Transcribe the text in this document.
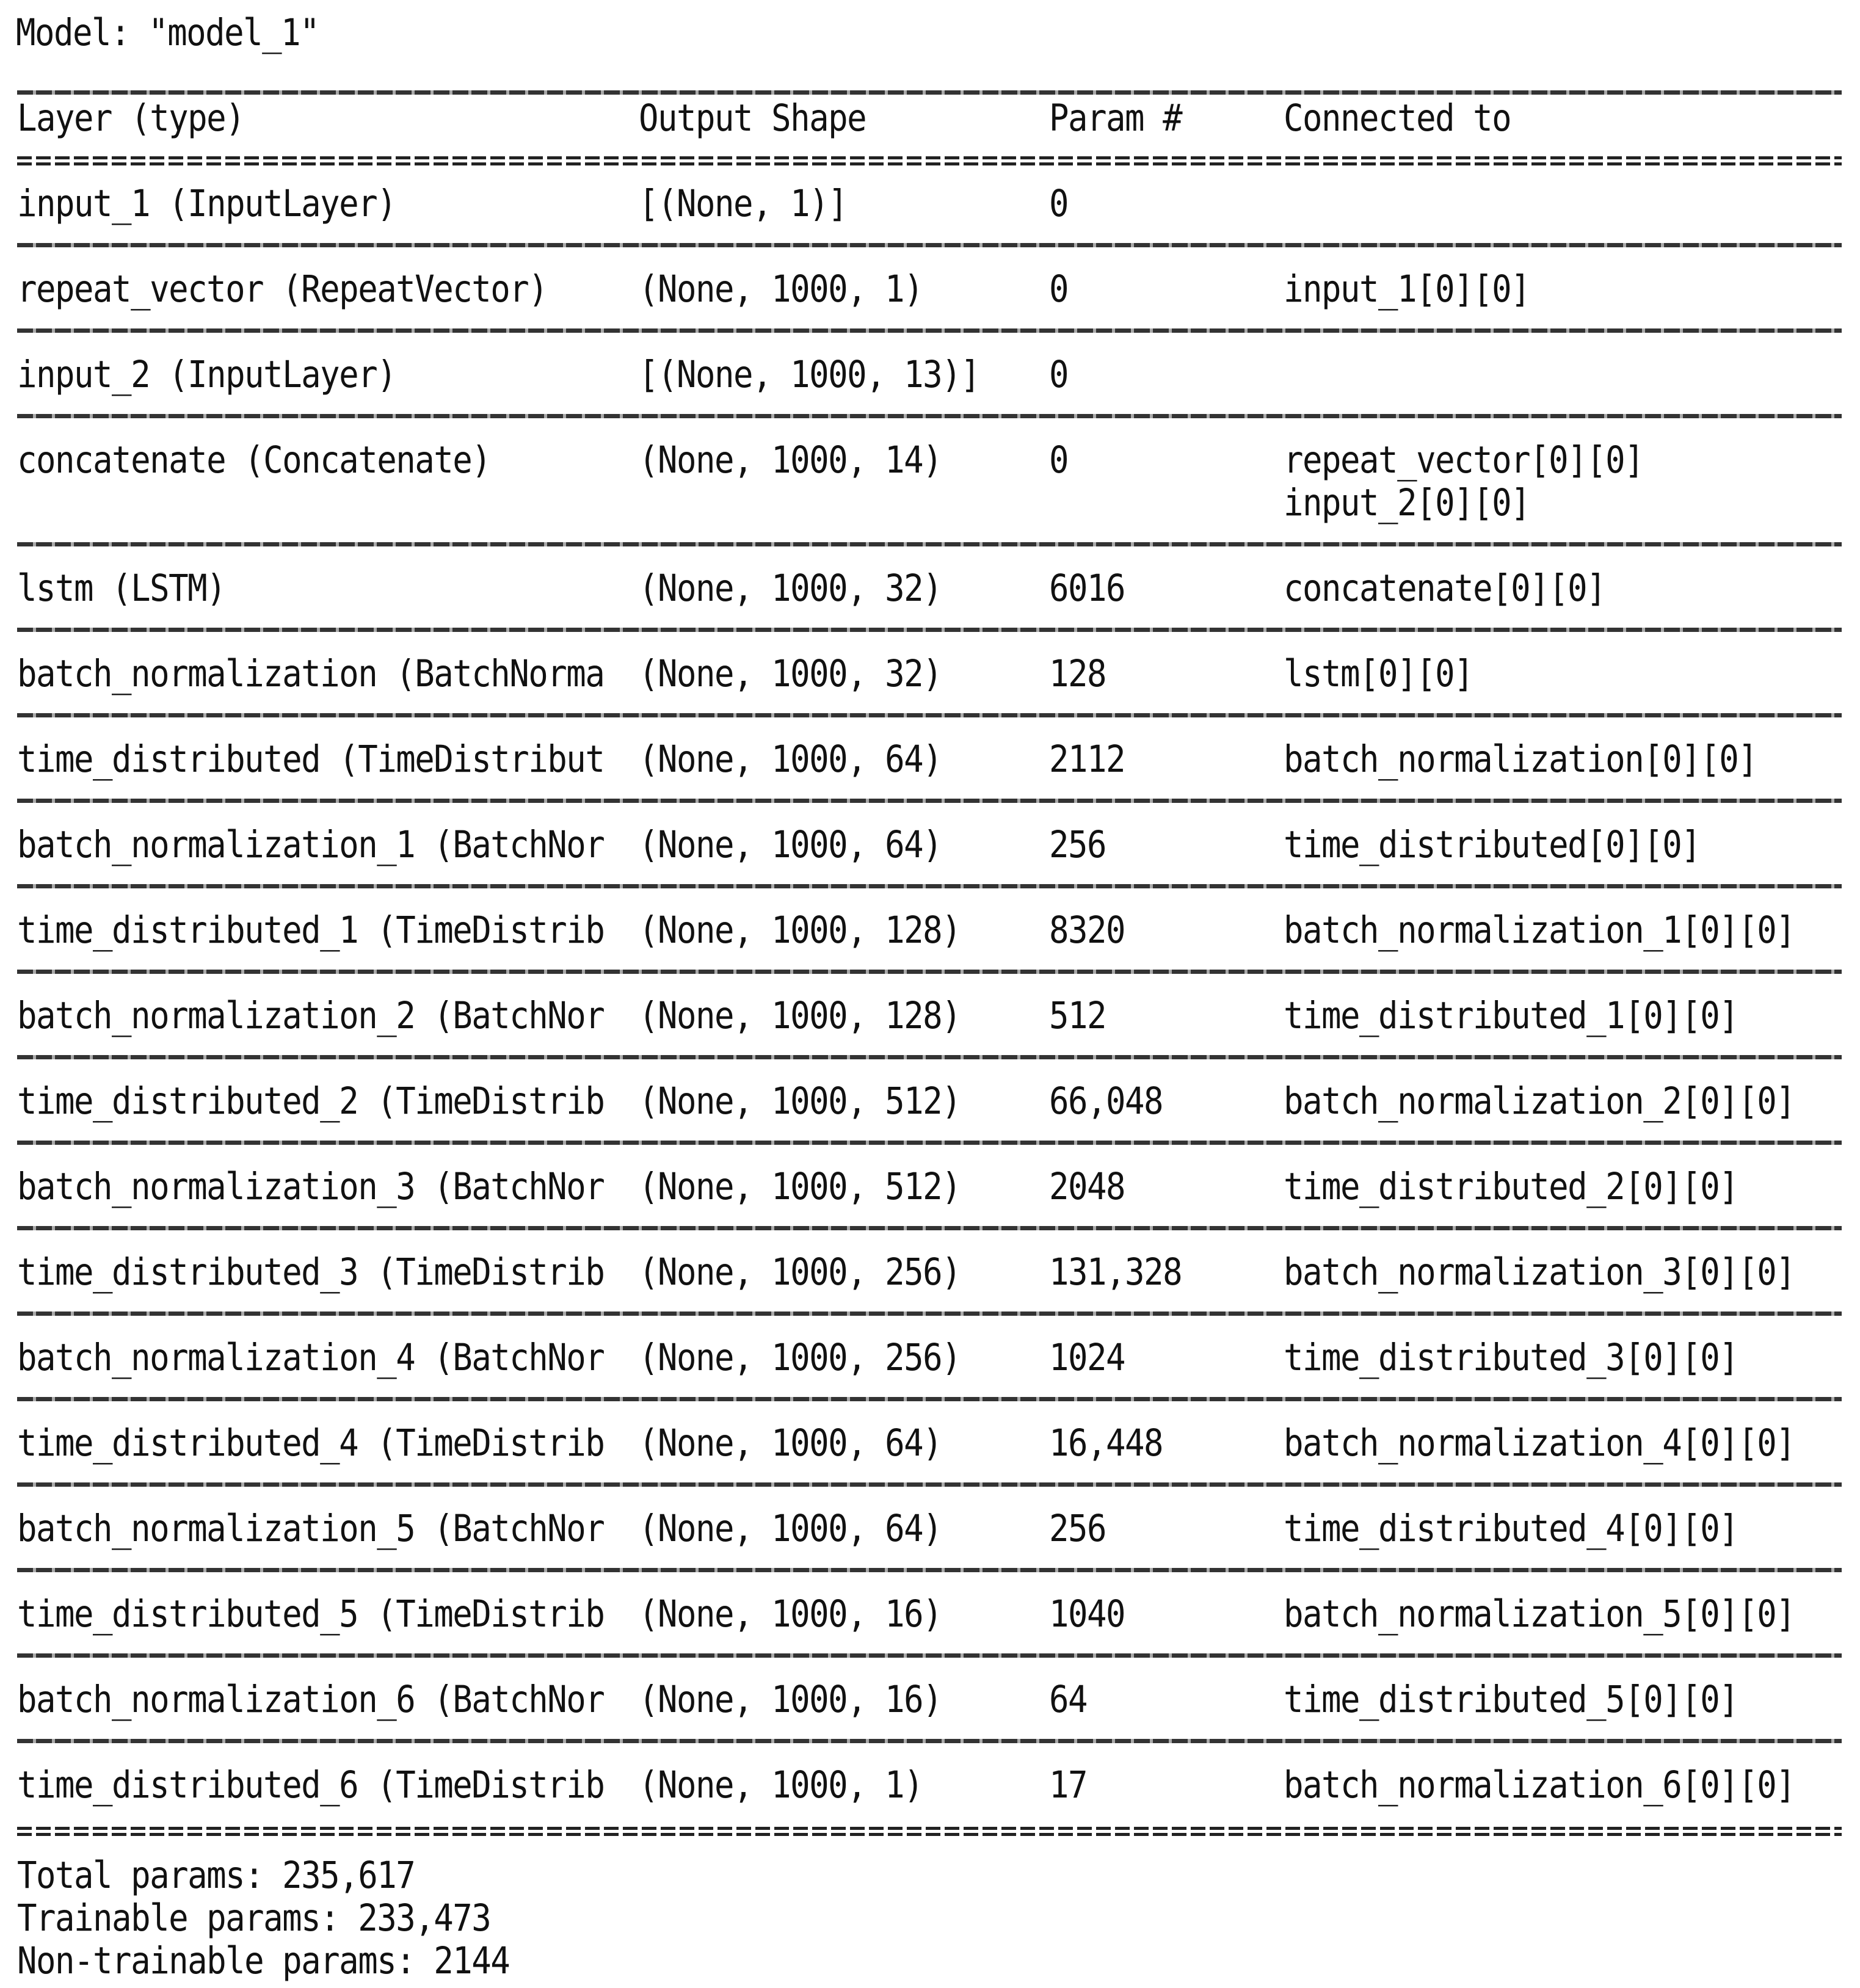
Model: "model_1"
Layer (type)	Output Shape	Param #	Connected to
input_1 (InputLayer)	[(None, 1)]	0
repeat_vector (RepeatVector)	(None, 1000, 1)	0	input_1[0][0]
input_2 (InputLayer)	[(None, 1000, 13)] 0
concatenate (Concatenate)	(None, 1000, 14)	0	repeat_vector[0][0]
input_2[0][0]
lstm (LSTM)	(None, 1000, 32)	6016	concatenate[0][0]
batch_normalization (BatchNorma (None, 1000, 32)	128	lstm[0][0]
time_distributed (TimeDistribut (None, 1000, 64)	2112	batch_normalization[0][0]
batch_normalization_1 (BatchNor (None, 1000, 64)	256	time_distributed[0][0]
time_distributed_1 (TimeDistrib (None, 1000, 128)	8320	batch_normalization_1[0][0]
batch_normalization_2 (BatchNor (None, 1000, 128)	512	time_distributed_1[0][0]
time_distributed_2 (TimeDistrib (None, 1000, 512)	66,048	batch_normalization_2[0][0]
batch_normalization_3 (BatchNor (None, 1000, 512)	2048	time_distributed_2[0][0]
time_distributed_3 (TimeDistrib (None, 1000, 256)	131,328	batch_normalization_3[0][0]
batch_normalization_4 (BatchNor (None, 1000, 256)	1024	time_distributed_3[0][0]
time_distributed_4 (TimeDistrib (None, 1000, 64)	16,448	batch_normalization_4[0][0]
batch_normalization_5 (BatchNor (None, 1000, 64)	256	time_distributed_4[0][0]
time_distributed_5 (TimeDistrib (None, 1000, 16)	1040	batch_normalization_5[0][0]
batch_normalization_6 (BatchNor (None, 1000, 16)	64	time_distributed_5[0][0]
time_distributed_6 (TimeDistrib (None, 1000, 1)	17	batch_normalization_6[0][0]
Total params: 235,617
Trainable params: 233,473
Non-trainable params: 2144
